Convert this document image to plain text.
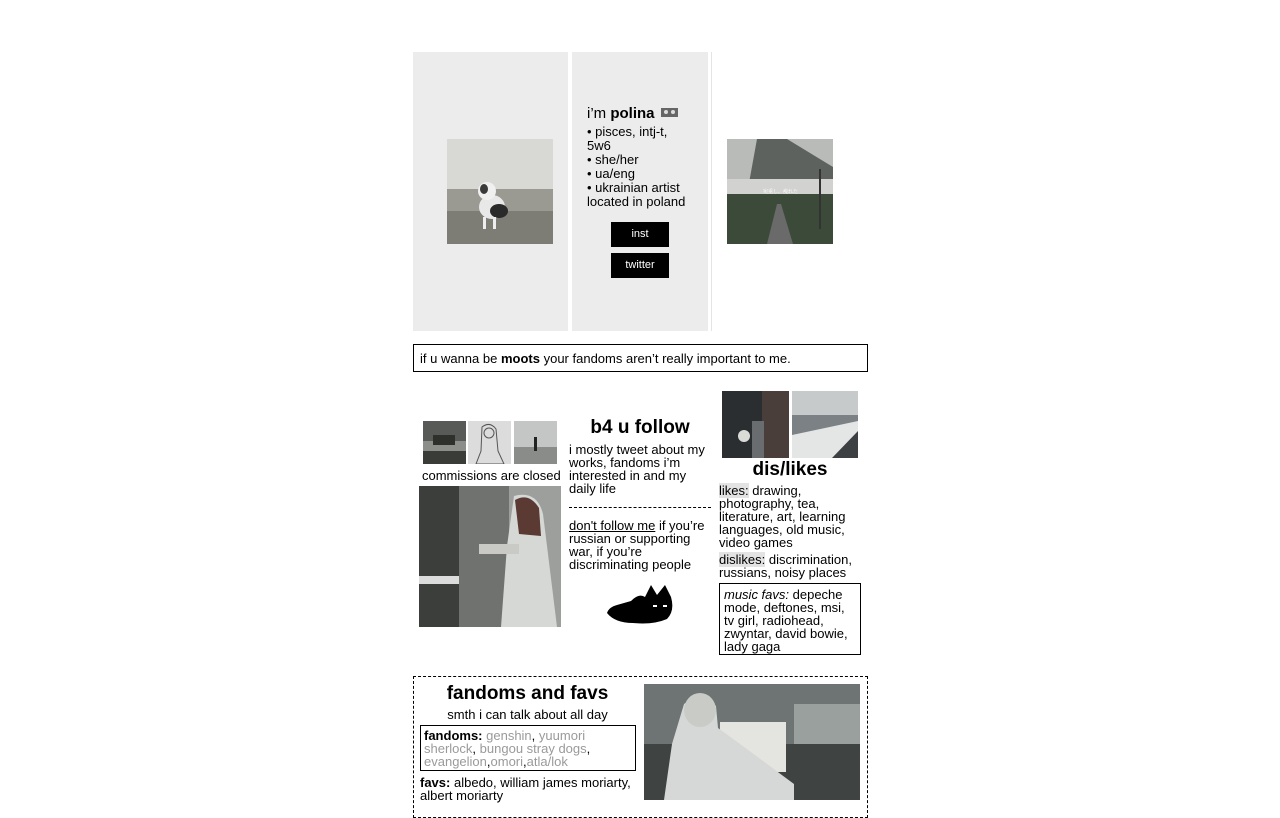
i’m polina

• pisces, intj-t,

5w6

• she/her

• ua/eng

• ukrainian artist

located in poland

inst
twitter
宛重し、瘦れた
if u wanna be moots your fandoms aren’t really important to me.
commissions are closed
b4 u follow

i mostly tweet about my

works, fandoms i’m

interested in and my

daily life

don't follow me if you’re

russian or supporting

war, if you’re

discriminating people

dis/likes

likes: drawing,

photography, tea,

literature, art, learning

languages, old music,

video games

dislikes: discrimination,

russians, noisy places

music favs: depeche

mode, deftones, msi,

tv girl, radiohead,

zwyntar, david bowie,

lady gaga

fandoms and favs
smth i can talk about all day

fandoms: genshin, yuumori

sherlock, bungou stray dogs,

evangelion,omori,atla/lok

favs: albedo, william james moriarty,

albert moriarty
